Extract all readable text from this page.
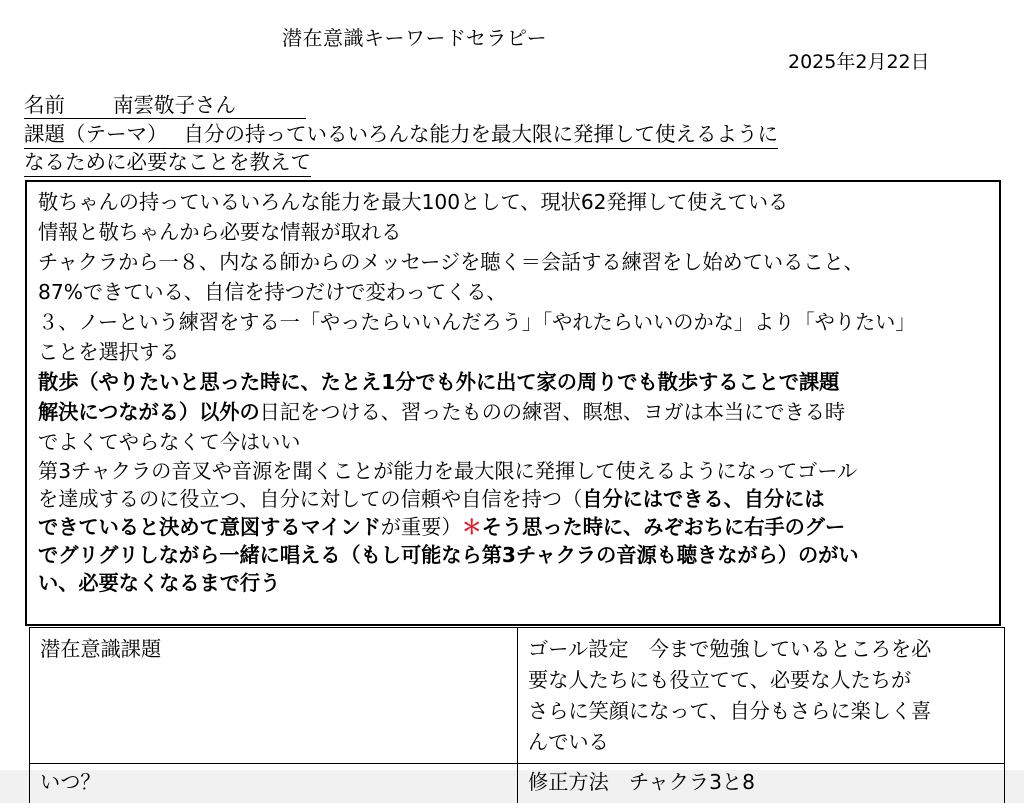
潜在意識キーワードセラピー
2025年2月22日
名前 南雲敬子さん
課題（テーマ） 自分の持っているいろんな能力を最大限に発揮して使えるように
なるために必要なことを教えて

敬ちゃんの持っているいろんな能力を最大100として、現状62発揮して使えている

情報と敬ちゃんから必要な情報が取れる

チャクラから一８、内なる師からのメッセージを聴く＝会話する練習をし始めていること、

87%できている、自信を持つだけで変わってくる、

３、ノーという練習をする一「やったらいいんだろう」「やれたらいいのかな」より「やりたい」

ことを選択する

散歩（やりたいと思った時に、たとえ1分でも外に出て家の周りでも散歩することで課題

解決につながる）以外の日記をつける、習ったものの練習、瞑想、ヨガは本当にできる時

でよくてやらなくて今はいい

第3チャクラの音叉や音源を聞くことが能力を最大限に発揮して使えるようになってゴール

を達成するのに役立つ、自分に対しての信頼や自信を持つ（自分にはできる、自分には

できていると決めて意図するマインドが重要）＊そう思った時に、みぞおちに右手のグー

でグリグリしながら一緒に唱える（もし可能なら第3チャクラの音源も聴きながら）のがい

い、必要なくなるまで行う

潜在意識課題	ゴール設定　今まで勉強しているところを必
要な人たちにも役立てて、必要な人たちが
さらに笑顔になって、自分もさらに楽しく喜
んでいる

いつ？	修正方法　チャクラ3と8
